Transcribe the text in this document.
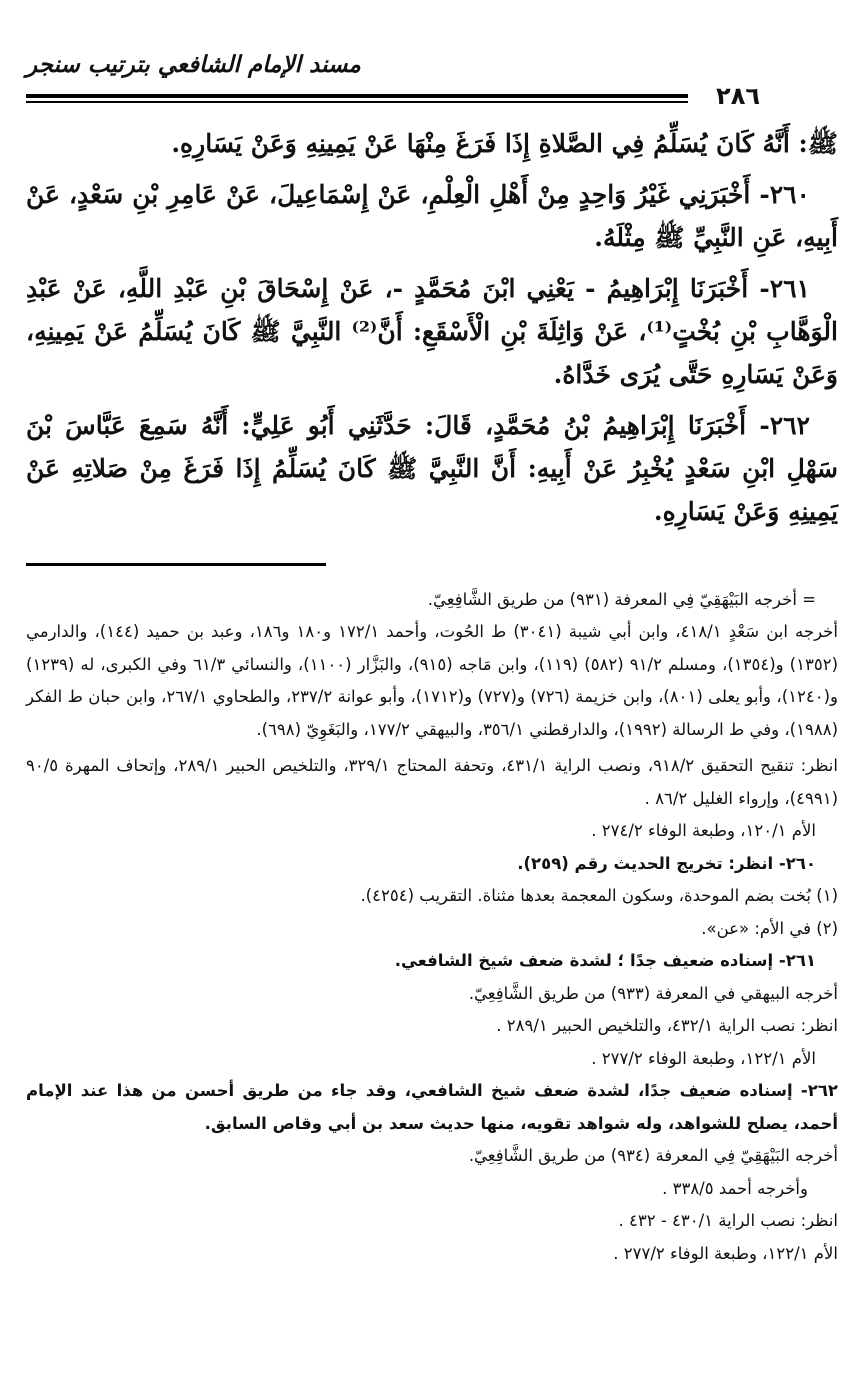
مسند الإمام الشافعي بترتيب سنجر
٢٨٦

ﷺ: أَنَّهُ كَانَ يُسَلِّمُ فِي الصَّلاةِ إِذَا فَرَغَ مِنْهَا عَنْ يَمِينِهِ وَعَنْ يَسَارِهِ.

٢٦٠- أَخْبَرَنِي غَيْرُ وَاحِدٍ مِنْ أَهْلِ الْعِلْمِ، عَنْ إِسْمَاعِيلَ، عَنْ عَامِرِ بْنِ سَعْدٍ، عَنْ أَبِيهِ، عَنِ النَّبِيِّ ﷺ مِثْلَهُ.

٢٦١- أَخْبَرَنَا إِبْرَاهِيمُ - يَعْنِي ابْنَ مُحَمَّدٍ -، عَنْ إِسْحَاقَ بْنِ عَبْدِ اللَّهِ، عَنْ عَبْدِ الْوَهَّابِ بْنِ بُخْتٍ⁽¹⁾، عَنْ وَاثِلَةَ بْنِ الْأَسْقَعِ: أَنَّ⁽²⁾ النَّبِيَّ ﷺ كَانَ يُسَلِّمُ عَنْ يَمِينِهِ، وَعَنْ يَسَارِهِ حَتَّى يُرَى خَدَّاهُ.

٢٦٢- أَخْبَرَنَا إِبْرَاهِيمُ بْنُ مُحَمَّدٍ، قَالَ: حَدَّثَنِي أَبُو عَلِيٍّ: أَنَّهُ سَمِعَ عَبَّاسَ بْنَ سَهْلِ ابْنِ سَعْدٍ يُخْبِرُ عَنْ أَبِيهِ: أَنَّ النَّبِيَّ ﷺ كَانَ يُسَلِّمُ إِذَا فَرَغَ مِنْ صَلاتِهِ عَنْ يَمِينِهِ وَعَنْ يَسَارِهِ.

= أخرجه البَيْهَقِيّ فِي المعرفة (٩٣١) من طريق الشَّافِعِيّ.

أخرجه ابن سَعْدٍ ٤١٨/١، وابن أبي شيبة (٣٠٤١) ط الحُوت، وأحمد ١٧٢/١ و١٨٠ و١٨٦، وعبد بن حميد (١٤٤)، والدارمي (١٣٥٢) و(١٣٥٤)، ومسلم ٩١/٢ (٥٨٢) (١١٩)، وابن مَاجه (٩١٥)، والبَزَّار (١١٠٠)، والنسائي ٦١/٣ وفي الكبرى، له (١٢٣٩) و(١٢٤٠)، وأبو يعلى (٨٠١)، وابن خزيمة (٧٢٦) و(٧٢٧) و(١٧١٢)، وأبو عوانة ٢٣٧/٢، والطحاوي ٢٦٧/١، وابن حبان ط الفكر (١٩٨٨)، وفي ط الرسالة (١٩٩٢)، والدارقطني ٣٥٦/١، والبيهقي ١٧٧/٢، والبَغَوِيّ (٦٩٨).

انظر: تنقيح التحقيق ٩١٨/٢، ونصب الراية ٤٣١/١، وتحفة المحتاج ٣٢٩/١، والتلخيص الحبير ٢٨٩/١، وإتحاف المهرة ٩٠/٥ (٤٩٩١)، وإرواء الغليل ٨٦/٢ .

الأم ١٢٠/١، وطبعة الوفاء ٢٧٤/٢ .

٢٦٠- انظر: تخريج الحديث رقم (٢٥٩).

(١) بُخت بضم الموحدة، وسكون المعجمة بعدها مثناة. التقريب (٤٢٥٤).

(٢) في الأم: «عن».

٢٦١- إسناده ضعيف جدًا ؛ لشدة ضعف شيخ الشافعي.

أخرجه البيهقي في المعرفة (٩٣٣) من طريق الشَّافِعِيّ.

انظر: نصب الراية ٤٣٢/١، والتلخيص الحبير ٢٨٩/١ .

الأم ١٢٢/١، وطبعة الوفاء ٢٧٧/٢ .

٢٦٢- إسناده ضعيف جدًا، لشدة ضعف شيخ الشافعي، وقد جاء من طريق أحسن من هذا عند الإمام أحمد، يصلح للشواهد، وله شواهد تقويه، منها حديث سعد بن أبي وقاص السابق.

أخرجه البَيْهَقِيّ فِي المعرفة (٩٣٤) من طريق الشَّافِعِيّ.

وأخرجه أحمد ٣٣٨/٥ .

انظر: نصب الراية ٤٣٠/١ - ٤٣٢ .

الأم ١٢٢/١، وطبعة الوفاء ٢٧٧/٢ .
